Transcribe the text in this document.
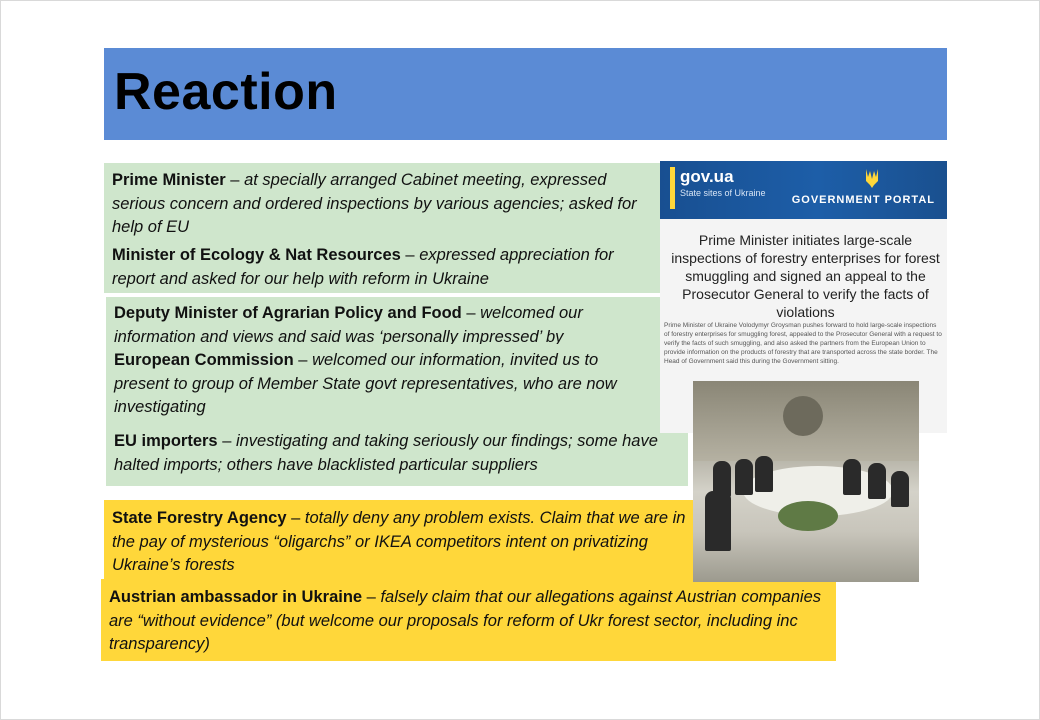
Reaction
Prime Minister – at specially arranged Cabinet meeting, expressed serious concern and ordered inspections by various agencies; asked for help of EU
Minister of Ecology & Nat Resources – expressed appreciation for report and asked for our help with reform in Ukraine
Deputy Minister of Agrarian Policy and Food – welcomed our information and views and said was ‘personally impressed’ by
European Commission – welcomed our information, invited us to present to group of Member State govt representatives, who are now investigating
EU importers – investigating and taking seriously our findings; some have halted imports; others have blacklisted particular suppliers
State Forestry Agency – totally deny any problem exists. Claim that we are in the pay of mysterious “oligarchs” or IKEA competitors intent on privatizing Ukraine’s forests
Austrian ambassador in Ukraine – falsely claim that our allegations against Austrian companies are “without evidence” (but welcome our proposals for reform of Ukr forest sector, including inc transparency)
gov.ua
State sites of Ukraine
GOVERNMENT PORTAL
Prime Minister initiates large-scale inspections of forestry enterprises for forest smuggling and signed an appeal to the Prosecutor General to verify the facts of violations
Prime Minister of Ukraine Volodymyr Groysman pushes forward to hold large-scale inspections of forestry enterprises for smuggling forest, appealed to the Prosecutor General with a request to verify the facts of such smuggling, and also asked the partners from the European Union to provide information on the products of forestry that are transported across the state border. The Head of Government said this during the Government sitting.
